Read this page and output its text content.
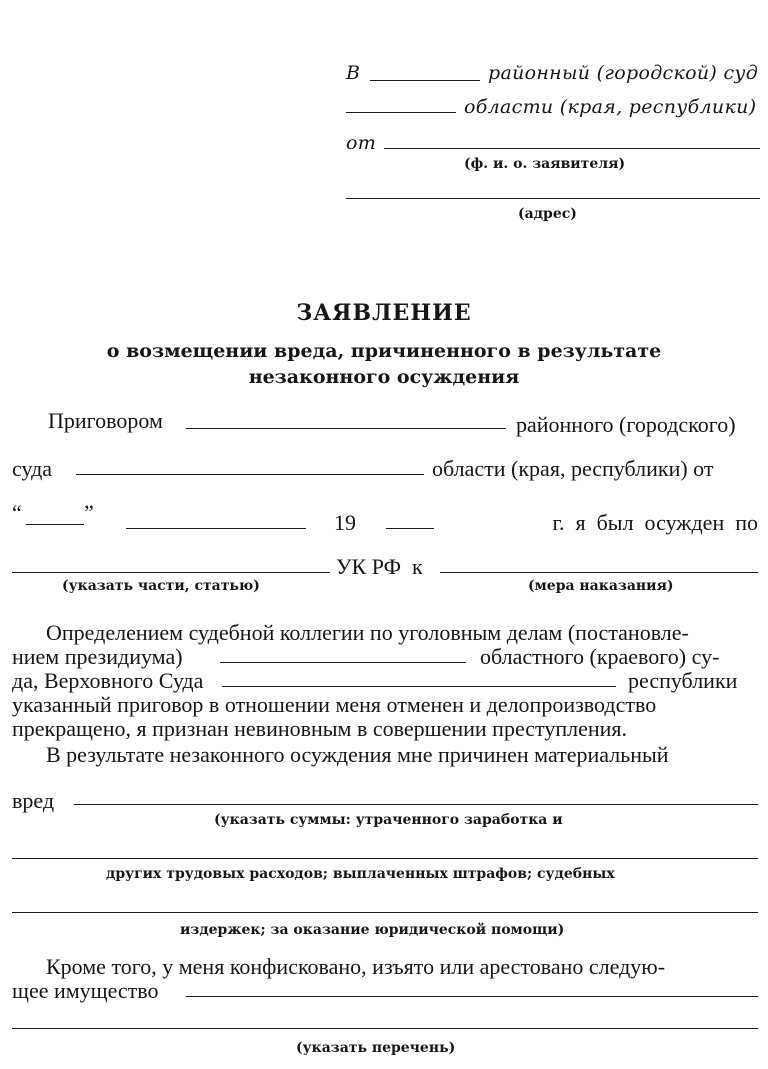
В	районный (городской) суд
области (края, республики)
от
(ф. и. о. заявителя)
(адрес)
ЗАЯВЛЕНИЕ
о возмещении вреда, причиненного в результате
незаконного осуждения
Приговором	районного (городского)
суда	области (края, республики) от
“	”	19	г.  я  был  осужден  по
УК РФ  к
(указать части, статью)	(мера наказания)
Определением судебной коллегии по уголовным делам (постановле-
нием президиума)	областного (краевого) су-
да, Верховного Суда	республики
указанный приговор в отношении меня отменен и делопроизводство
прекращено, я признан невиновным в совершении преступления.
В результате незаконного осуждения мне причинен материальный
вред
(указать суммы: утраченного заработка и
других трудовых расходов; выплаченных штрафов; судебных
издержек; за оказание юридической помощи)
Кроме того, у меня конфисковано, изъято или арестовано следую-
щее имущество
(указать перечень)
